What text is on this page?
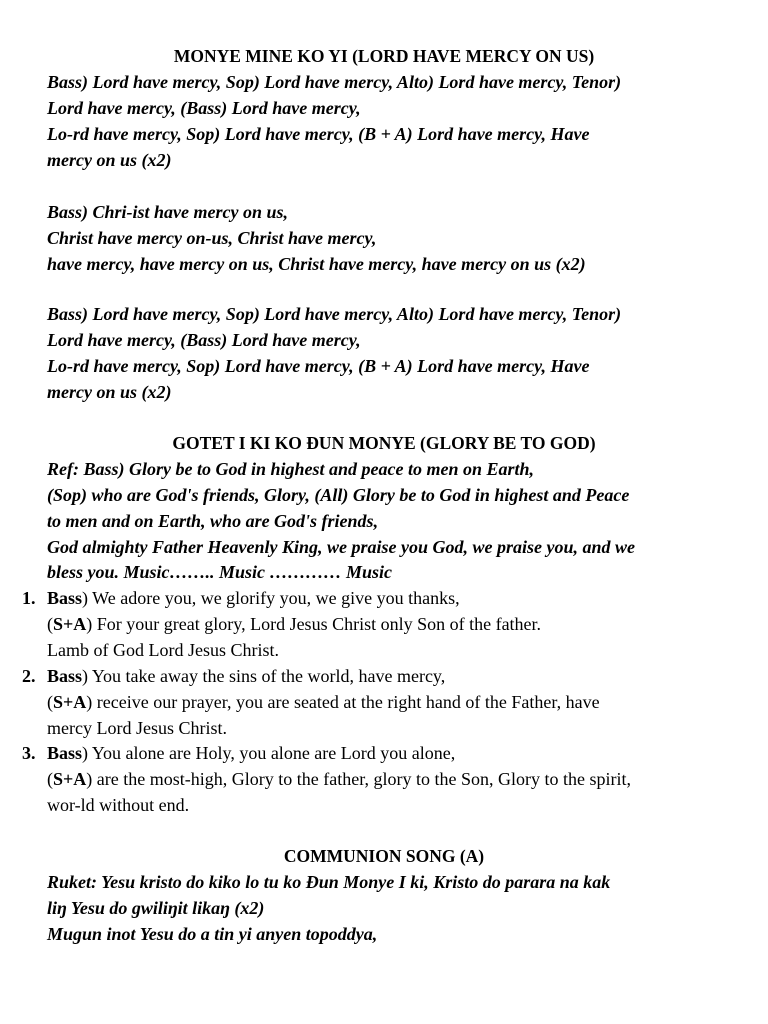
MONYE MINE KO YI (LORD HAVE MERCY ON US)
Bass) Lord have mercy, Sop) Lord have mercy, Alto) Lord have mercy, Tenor)
Lord have mercy, (Bass) Lord have mercy,
Lo-rd have mercy, Sop) Lord have mercy, (B + A) Lord have mercy, Have
mercy on us (x2)
Bass) Chri-ist have mercy on us,
Christ have mercy on-us, Christ have mercy,
have mercy, have mercy on us, Christ have mercy, have mercy on us (x2)
Bass) Lord have mercy, Sop) Lord have mercy, Alto) Lord have mercy, Tenor)
Lord have mercy, (Bass) Lord have mercy,
Lo-rd have mercy, Sop) Lord have mercy, (B + A) Lord have mercy, Have
mercy on us (x2)
GOTET I KI KO ƉUN MONYE (GLORY BE TO GOD)
Ref: Bass) Glory be to God in highest and peace to men on Earth,
(Sop) who are God's friends, Glory, (All) Glory be to God in highest and Peace
to men and on Earth, who are God's friends,
God almighty Father Heavenly King, we praise you God, we praise you, and we
bless you. Music…….. Music ………… Music
1. Bass) We adore you, we glorify you, we give you thanks,
(S+A) For your great glory, Lord Jesus Christ only Son of the father.
Lamb of God Lord Jesus Christ.
2. Bass) You take away the sins of the world, have mercy,
(S+A) receive our prayer, you are seated at the right hand of the Father, have
mercy Lord Jesus Christ.
3. Bass) You alone are Holy, you alone are Lord you alone,
(S+A) are the most-high, Glory to the father, glory to the Son, Glory to the spirit,
wor-ld without end.
COMMUNION SONG (A)
Ruket: Yesu kristo do kiko lo tu ko Ɖun Monye I ki, Kristo do parara na kak
liŋ Yesu do gwiliŋit likaŋ (x2)
Mugun inot Yesu do a tin yi anyen topoddya,
